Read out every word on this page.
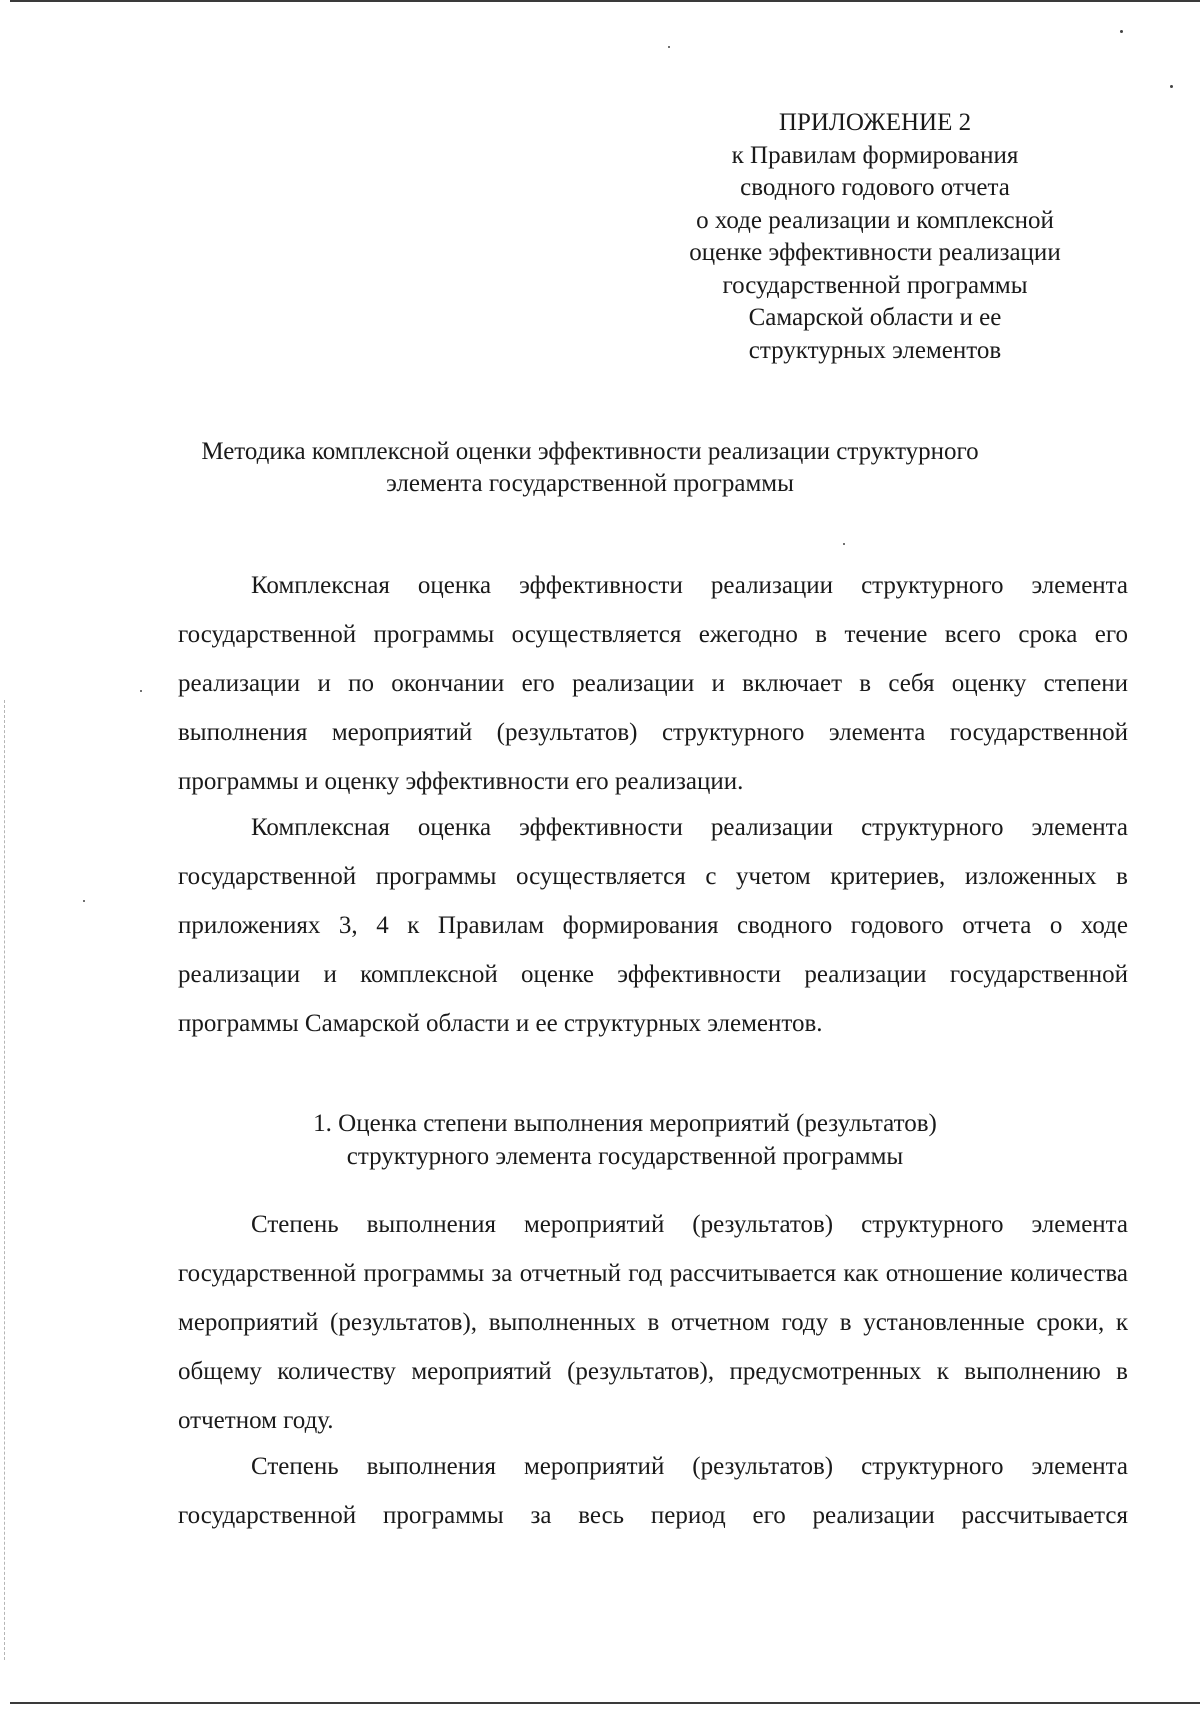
ПРИЛОЖЕНИЕ 2
к Правилам формирования
сводного годового отчета
о ходе реализации и комплексной
оценке эффективности реализации
государственной программы
Самарской области и ее
структурных элементов
Методика комплексной оценки эффективности реализации структурного
элемента государственной программы

Комплексная оценка эффективности реализации структурного элемента государственной программы осуществляется ежегодно в течение всего срока его реализации и по окончании его реализации и включает в себя оценку степени выполнения мероприятий (результатов) структурного элемента государственной программы и оценку эффективности его реализации.

Комплексная оценка эффективности реализации структурного элемента государственной программы осуществляется с учетом критериев, изложенных в приложениях 3, 4 к Правилам формирования сводного годового отчета о ходе реализации и комплексной оценке эффективности реализации государственной программы Самарской области и ее структурных элементов.

1. Оценка степени выполнения мероприятий (результатов)
структурного элемента государственной программы

Степень выполнения мероприятий (результатов) структурного элемента государственной программы за отчетный год рассчитывается как отношение количества мероприятий (результатов), выполненных в отчетном году в установленные сроки, к общему количеству мероприятий (результатов), предусмотренных к выполнению в отчетном году.

Степень выполнения мероприятий (результатов) структурного элемента государственной программы за весь период его реализации рассчитывается
